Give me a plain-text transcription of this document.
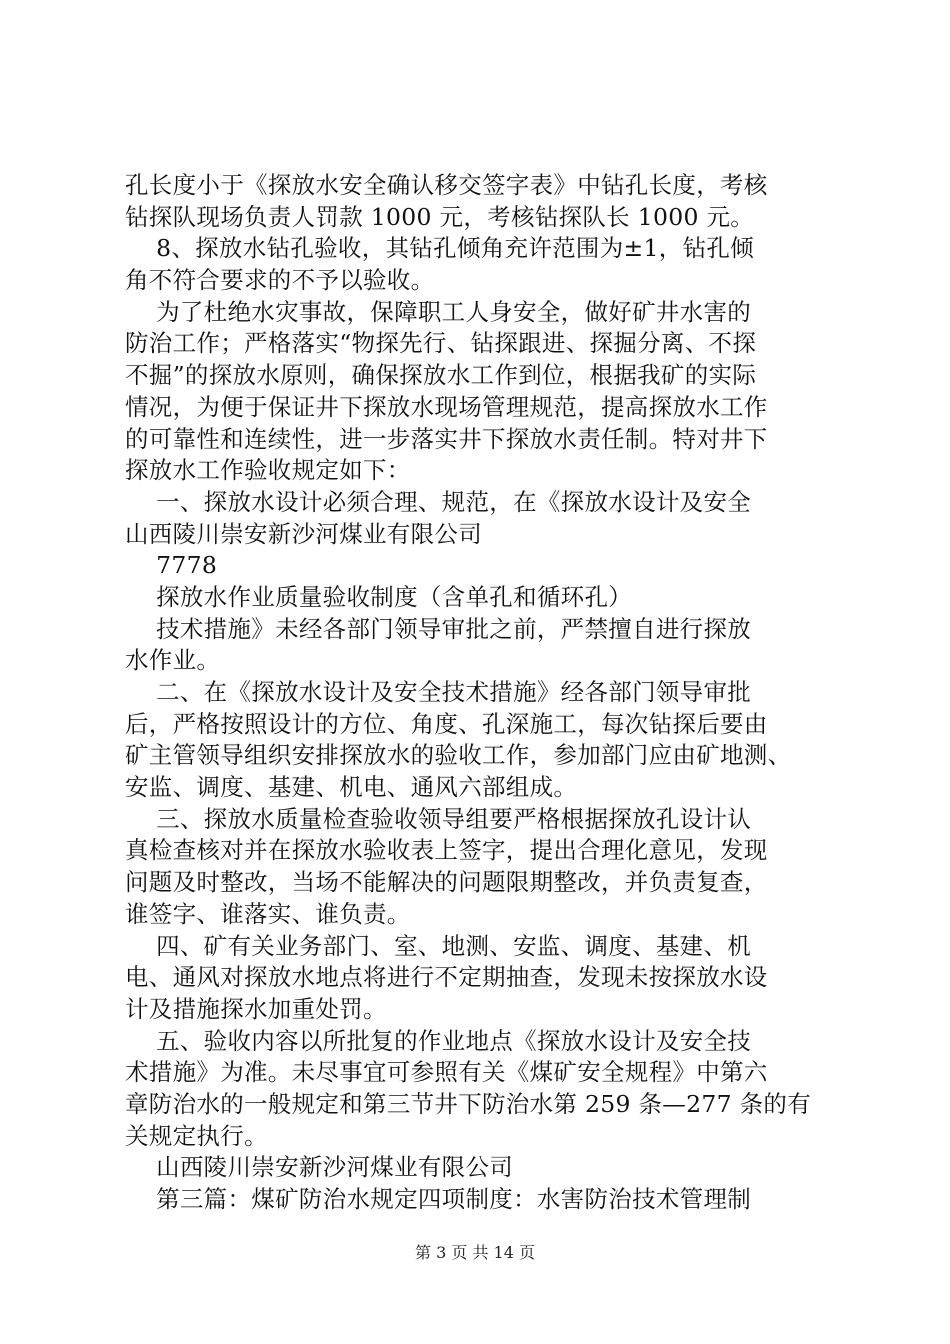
孔长度小于《探放水安全确认移交签字表》中钻孔长度，考核
钻探队现场负责人罚款 1000 元，考核钻探队长 1000 元。
8、探放水钻孔验收，其钻孔倾角充许范围为±1，钻孔倾
角不符合要求的不予以验收。
为了杜绝水灾事故，保障职工人身安全，做好矿井水害的
防治工作；严格落实“物探先行、钻探跟进、探掘分离、不探
不掘”的探放水原则，确保探放水工作到位，根据我矿的实际
情况，为便于保证井下探放水现场管理规范，提高探放水工作
的可靠性和连续性，进一步落实井下探放水责任制。特对井下
探放水工作验收规定如下：
一、探放水设计必须合理、规范，在《探放水设计及安全
山西陵川崇安新沙河煤业有限公司
7778
探放水作业质量验收制度（含单孔和循环孔）
技术措施》未经各部门领导审批之前，严禁擅自进行探放
水作业。
二、在《探放水设计及安全技术措施》经各部门领导审批
后，严格按照设计的方位、角度、孔深施工，每次钻探后要由
矿主管领导组织安排探放水的验收工作，参加部门应由矿地测、
安监、调度、基建、机电、通风六部组成。
三、探放水质量检查验收领导组要严格根据探放孔设计认
真检查核对并在探放水验收表上签字，提出合理化意见，发现
问题及时整改，当场不能解决的问题限期整改，并负责复查，
谁签字、谁落实、谁负责。
四、矿有关业务部门、室、地测、安监、调度、基建、机
电、通风对探放水地点将进行不定期抽查，发现未按探放水设
计及措施探水加重处罚。
五、验收内容以所批复的作业地点《探放水设计及安全技
术措施》为准。未尽事宜可参照有关《煤矿安全规程》中第六
章防治水的一般规定和第三节井下防治水第 259 条—277 条的有
关规定执行。
山西陵川崇安新沙河煤业有限公司
第三篇：煤矿防治水规定四项制度：水害防治技术管理制
第 3 页 共 14 页
